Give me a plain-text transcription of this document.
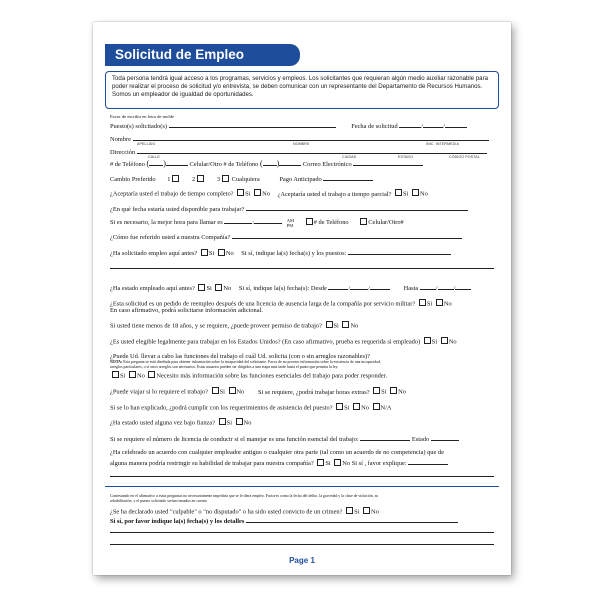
Solicitud de Empleo
Toda persona tendrá igual acceso a los programas, servicios y empleos. Los solicitantes que requieran algún medio auxiliar razonable para poder realizar el proceso de solicitud y/o entrevista, se deben comunicar con un representante del Departamento de Recursos Humanos. Somos un empleador de igualdad de oportunidades.
Favor de escribir en letra de molde
Puesto(s) solicitado(s)	Fecha de solicitud	/	/
Nombre
APELLIDO	NOMBRE	INIC. INTERMEDIA
Dirección
CALLE	CIUDAD	ESTADO	CÓDIGO POSTAL
# de Teléfono ( )	Celular/Otro # de Teléfono ( )	Correo Electrónico
Cambio Preferido 1	2	3 Cualquiera	Pago Anticipado
¿Aceptaría usted el trabajo de tiempo completo? Si No ¿Aceptaría usted el trabajo a tiempo parcial? Si No
¿En qué fecha estaría usted disponible para trabajar?
Si es necesario, la mejor hora para llamar es	:	AM
PM	# de Teléfono	Celular/Otro#
¿Cómo fue referido usted a nuestra Compañía?
¿Ha solicitado empleo aquí antes? Si No Si sí, indique la(s) fecha(s) y los puestos:
¿Ha estado empleado aquí antes? Si No Si sí, indique la(s) fecha(s): Desde	/	/	Hasta	/	/
¿Esta solicitud es un pedido de reempleo después de una licencia de ausencia larga de la compañía por servicio militar? Si No
En caso afirmativo, podrá solicitarse información adicional.
Si usted tiene menos de 18 años, y se requiere, ¿puede proveer permiso de trabajo? Si No
¿Es usted elegible legalmente para trabajar en los Estados Unidos? (En caso afirmativo, prueba es requerida si empleado) Si No
¿Puede Ud. llevar a cabo las funciones del trabajo el cuál Ud. solicita (con o sin arreglos razonables)?
NOTA: Esta pregunta se está diseñada para obtener información sobre la incapacidad del solicitante. Favor de no proveer información sobre la existencia de una incapacidad,
arreglos particulares, o si otros arreglos son necesarios. Estas usuarios pueden ser dirigidos a una etapa más tarde hasta el punto que permita la ley.
Si No Necesito más información sobre las funciones esenciales del trabajo para poder responder.
¿Puede viajar si lo requiere el trabajo? Si No Si se requiere, ¿podrá trabajar horas extras? Si No
Si se lo han explicado, ¿podrá cumplir con los requerimientos de asistencia del puesto? Si No N/A
¿Ha estado usted alguna vez bajo fianza? Si No
Si se requiere el número de licencia de conducir si el manejar es una función esencial del trabajo:	Estado
¿Ha celebrado un acuerdo con cualquier empleador antiguo o cualquier otra parte (tal como un acuerdo de no competencia) que de
alguna manera podría restringir su habilidad de trabajar para nuestra compañía? Si No Si sí , favor explique:
Contestando en el afirmativo a estas preguntas no necesariamente impediría que se le diera empleo. Factores como la fecha del delito, la gravedad y la clase de violación, su
rehabilitación, y el puesto solicitado serían tomados en cuenta.
¿Se ha declarado usted "culpable" o "no disputado" o ha sido usted convicto de un crimen? Si No
Si sí, por favor indique la(s) fecha(s) y los detalles
Page 1
